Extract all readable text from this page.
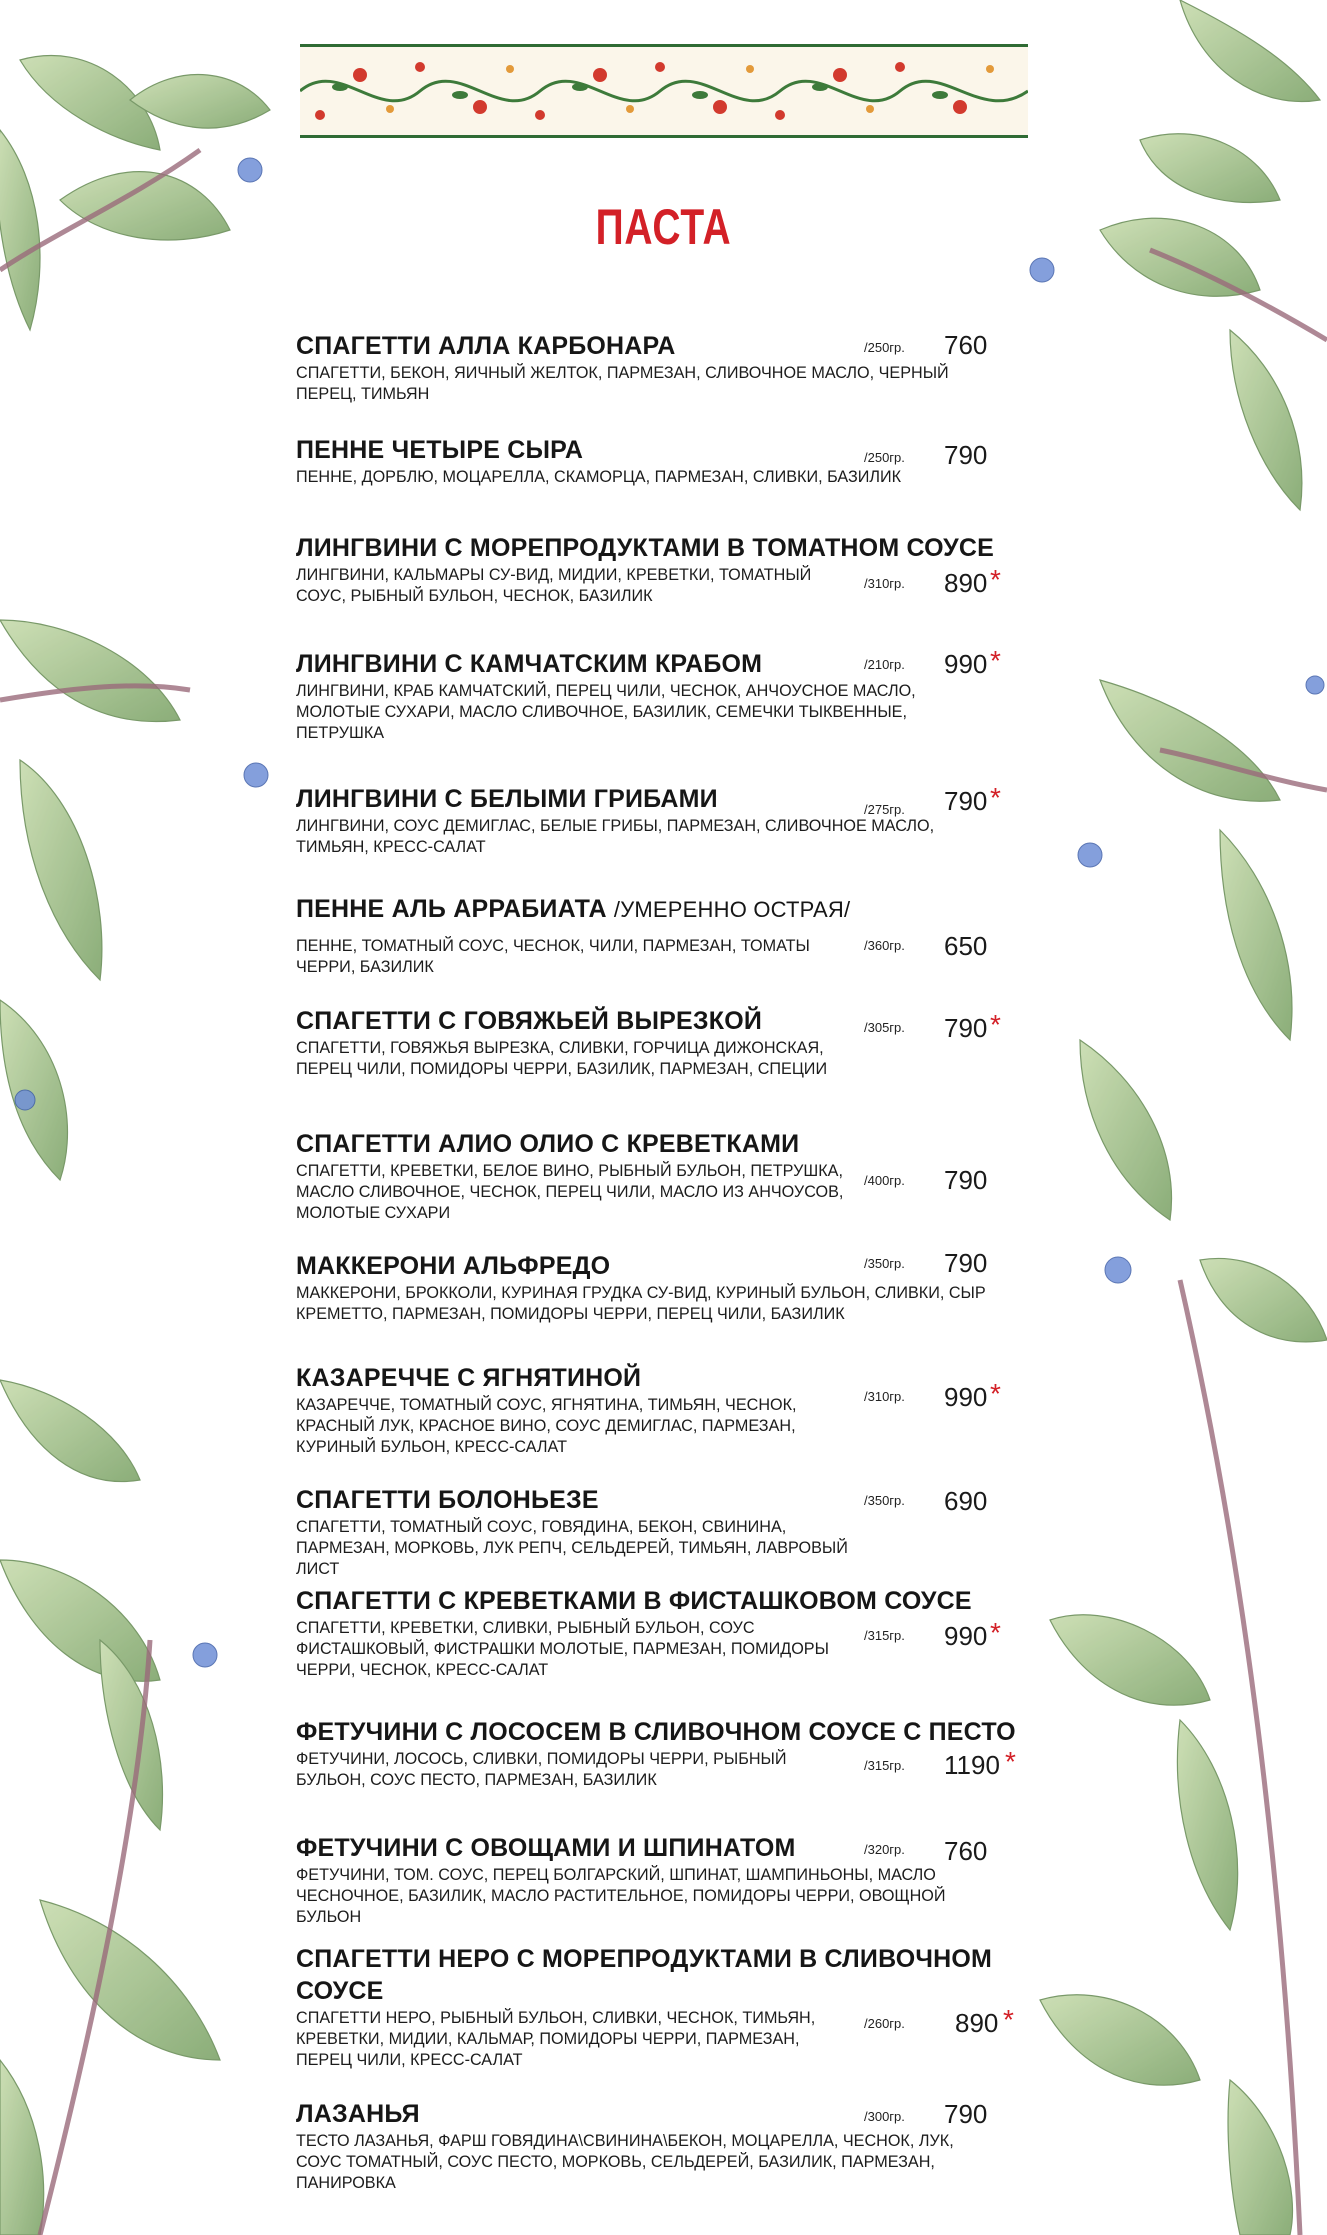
ПАСТА
СПАГЕТТИ АЛЛА КАРБОНАРА
СПАГЕТТИ, БЕКОН, ЯИЧНЫЙ ЖЕЛТОК, ПАРМЕЗАН, СЛИВОЧНОЕ МАСЛО, ЧЕРНЫЙ ПЕРЕЦ, ТИМЬЯН
/250гр. 760
ПЕННЕ ЧЕТЫРЕ СЫРА
ПЕННЕ, ДОРБЛЮ, МОЦАРЕЛЛА, СКАМОРЦА, ПАРМЕЗАН, СЛИВКИ, БАЗИЛИК
/250гр. 790
ЛИНГВИНИ С МОРЕПРОДУКТАМИ В ТОМАТНОМ СОУСЕ
ЛИНГВИНИ, КАЛЬМАРЫ СУ-ВИД, МИДИИ, КРЕВЕТКИ, ТОМАТНЫЙ СОУС, РЫБНЫЙ БУЛЬОН, ЧЕСНОК, БАЗИЛИК
/310гр. 890 *
ЛИНГВИНИ С КАМЧАТСКИМ КРАБОМ
ЛИНГВИНИ, КРАБ КАМЧАТСКИЙ, ПЕРЕЦ ЧИЛИ, ЧЕСНОК, АНЧОУСНОЕ МАСЛО, МОЛОТЫЕ СУХАРИ, МАСЛО СЛИВОЧНОЕ, БАЗИЛИК, СЕМЕЧКИ ТЫКВЕННЫЕ, ПЕТРУШКА
/210гр. 990 *
ЛИНГВИНИ С БЕЛЫМИ ГРИБАМИ
ЛИНГВИНИ, СОУС ДЕМИГЛАС, БЕЛЫЕ ГРИБЫ, ПАРМЕЗАН, СЛИВОЧНОЕ МАСЛО, ТИМЬЯН, КРЕСС-САЛАТ
/275гр. 790 *
ПЕННЕ АЛЬ АРРАБИАТА /УМЕРЕННО ОСТРАЯ/
ПЕННЕ, ТОМАТНЫЙ СОУС, ЧЕСНОК, ЧИЛИ, ПАРМЕЗАН, ТОМАТЫ ЧЕРРИ, БАЗИЛИК
/360гр. 650
СПАГЕТТИ С ГОВЯЖЬЕЙ ВЫРЕЗКОЙ
СПАГЕТТИ, ГОВЯЖЬЯ ВЫРЕЗКА, СЛИВКИ, ГОРЧИЦА ДИЖОНСКАЯ, ПЕРЕЦ ЧИЛИ, ПОМИДОРЫ ЧЕРРИ, БАЗИЛИК, ПАРМЕЗАН, СПЕЦИИ
/305гр. 790 *
СПАГЕТТИ АЛИО ОЛИО С КРЕВЕТКАМИ
СПАГЕТТИ, КРЕВЕТКИ, БЕЛОЕ ВИНО, РЫБНЫЙ БУЛЬОН, ПЕТРУШКА, МАСЛО СЛИВОЧНОЕ, ЧЕСНОК, ПЕРЕЦ ЧИЛИ, МАСЛО ИЗ АНЧОУСОВ, МОЛОТЫЕ СУХАРИ
/400гр. 790
МАККЕРОНИ АЛЬФРЕДО
МАККЕРОНИ, БРОККОЛИ, КУРИНАЯ ГРУДКА СУ-ВИД, КУРИНЫЙ БУЛЬОН, СЛИВКИ, СЫР КРЕМЕТТО, ПАРМЕЗАН, ПОМИДОРЫ ЧЕРРИ, ПЕРЕЦ ЧИЛИ, БАЗИЛИК
/350гр. 790
КАЗАРЕЧЧЕ С ЯГНЯТИНОЙ
КАЗАРЕЧЧЕ, ТОМАТНЫЙ СОУС, ЯГНЯТИНА, ТИМЬЯН, ЧЕСНОК, КРАСНЫЙ ЛУК, КРАСНОЕ ВИНО, СОУС ДЕМИГЛАС, ПАРМЕЗАН, КУРИНЫЙ БУЛЬОН, КРЕСС-САЛАТ
/310гр. 990 *
СПАГЕТТИ БОЛОНЬЕЗЕ
СПАГЕТТИ, ТОМАТНЫЙ СОУС, ГОВЯДИНА, БЕКОН, СВИНИНА, ПАРМЕЗАН, МОРКОВЬ, ЛУК РЕПЧ, СЕЛЬДЕРЕЙ, ТИМЬЯН, ЛАВРОВЫЙ ЛИСТ
/350гр. 690
СПАГЕТТИ С КРЕВЕТКАМИ В ФИСТАШКОВОМ СОУСЕ
СПАГЕТТИ, КРЕВЕТКИ, СЛИВКИ, РЫБНЫЙ БУЛЬОН, СОУС ФИСТАШКОВЫЙ, ФИСТРАШКИ МОЛОТЫЕ, ПАРМЕЗАН, ПОМИДОРЫ ЧЕРРИ, ЧЕСНОК, КРЕСС-САЛАТ
/315гр. 990 *
ФЕТУЧИНИ С ЛОСОСЕМ В СЛИВОЧНОМ СОУСЕ С ПЕСТО
ФЕТУЧИНИ, ЛОСОСЬ, СЛИВКИ, ПОМИДОРЫ ЧЕРРИ, РЫБНЫЙ БУЛЬОН, СОУС ПЕСТО, ПАРМЕЗАН, БАЗИЛИК
/315гр. 1190 *
ФЕТУЧИНИ С ОВОЩАМИ И ШПИНАТОМ
ФЕТУЧИНИ, ТОМ. СОУС, ПЕРЕЦ БОЛГАРСКИЙ, ШПИНАТ, ШАМПИНЬОНЫ, МАСЛО ЧЕСНОЧНОЕ, БАЗИЛИК, МАСЛО РАСТИТЕЛЬНОЕ, ПОМИДОРЫ ЧЕРРИ, ОВОЩНОЙ БУЛЬОН
/320гр. 760
СПАГЕТТИ НЕРО С МОРЕПРОДУКТАМИ В СЛИВОЧНОМ СОУСЕ
СПАГЕТТИ НЕРО, РЫБНЫЙ БУЛЬОН, СЛИВКИ, ЧЕСНОК, ТИМЬЯН, КРЕВЕТКИ, МИДИИ, КАЛЬМАР, ПОМИДОРЫ ЧЕРРИ, ПАРМЕЗАН, ПЕРЕЦ ЧИЛИ, КРЕСС-САЛАТ
/260гр. 890 *
ЛАЗАНЬЯ
ТЕСТО ЛАЗАНЬЯ, ФАРШ ГОВЯДИНА\СВИНИНА\БЕКОН, МОЦАРЕЛЛА, ЧЕСНОК, ЛУК, СОУС ТОМАТНЫЙ, СОУС ПЕСТО, МОРКОВЬ, СЕЛЬДЕРЕЙ, БАЗИЛИК, ПАРМЕЗАН, ПАНИРОВКА
/300гр. 790
